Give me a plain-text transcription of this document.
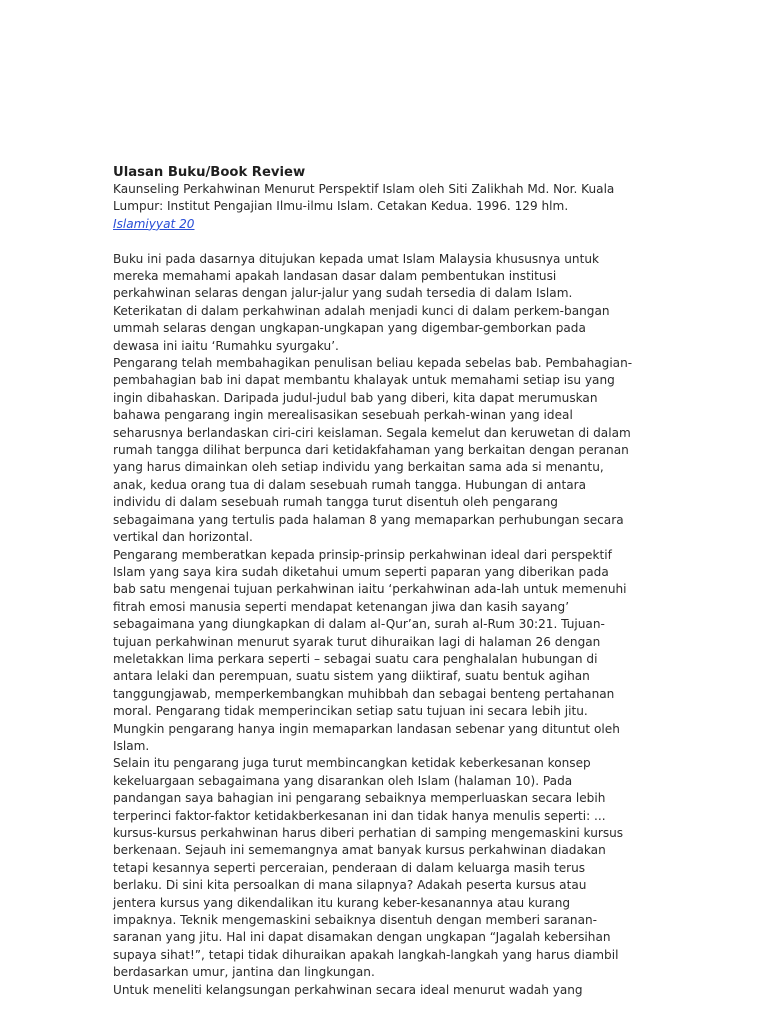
Ulasan Buku/Book Review

Kaunseling Perkahwinan Menurut Perspektif Islam oleh Siti Zalikhah Md. Nor. Kuala

Lumpur: Institut Pengajian Ilmu-ilmu Islam. Cetakan Kedua. 1996. 129 hlm.

Islamiyyat 20

Buku ini pada dasarnya ditujukan kepada umat Islam Malaysia khususnya untuk

mereka memahami apakah landasan dasar dalam pembentukan institusi

perkahwinan selaras dengan jalur-jalur yang sudah tersedia di dalam Islam.

Keterikatan di dalam perkahwinan adalah menjadi kunci di dalam perkem-bangan

ummah selaras dengan ungkapan-ungkapan yang digembar-gemborkan pada

dewasa ini iaitu ‘Rumahku syurgaku’.

Pengarang telah membahagikan penulisan beliau kepada sebelas bab. Pembahagian-

pembahagian bab ini dapat membantu khalayak untuk memahami setiap isu yang

ingin dibahaskan. Daripada judul-judul bab yang diberi, kita dapat merumuskan

bahawa pengarang ingin merealisasikan sesebuah perkah-winan yang ideal

seharusnya berlandaskan ciri-ciri keislaman. Segala kemelut dan keruwetan di dalam

rumah tangga dilihat berpunca dari ketidakfahaman yang berkaitan dengan peranan

yang harus dimainkan oleh setiap individu yang berkaitan sama ada si menantu,

anak, kedua orang tua di dalam sesebuah rumah tangga. Hubungan di antara

individu di dalam sesebuah rumah tangga turut disentuh oleh pengarang

sebagaimana yang tertulis pada halaman 8 yang memaparkan perhubungan secara

vertikal dan horizontal.

Pengarang memberatkan kepada prinsip-prinsip perkahwinan ideal dari perspektif

Islam yang saya kira sudah diketahui umum seperti paparan yang diberikan pada

bab satu mengenai tujuan perkahwinan iaitu ‘perkahwinan ada-lah untuk memenuhi

fitrah emosi manusia seperti mendapat ketenangan jiwa dan kasih sayang’

sebagaimana yang diungkapkan di dalam al-Qur’an, surah al-Rum 30:21. Tujuan-

tujuan perkahwinan menurut syarak turut dihuraikan lagi di halaman 26 dengan

meletakkan lima perkara seperti – sebagai suatu cara penghalalan hubungan di

antara lelaki dan perempuan, suatu sistem yang diiktiraf, suatu bentuk agihan

tanggungjawab, memperkembangkan muhibbah dan sebagai benteng pertahanan

moral. Pengarang tidak memperincikan setiap satu tujuan ini secara lebih jitu.

Mungkin pengarang hanya ingin memaparkan landasan sebenar yang dituntut oleh

Islam.

Selain itu pengarang juga turut membincangkan ketidak keberkesanan konsep

kekeluargaan sebagaimana yang disarankan oleh Islam (halaman 10). Pada

pandangan saya bahagian ini pengarang sebaiknya memperluaskan secara lebih

terperinci faktor-faktor ketidakberkesanan ini dan tidak hanya menulis seperti: ...

kursus-kursus perkahwinan harus diberi perhatian di samping mengemaskini kursus

berkenaan. Sejauh ini sememangnya amat banyak kursus perkahwinan diadakan

tetapi kesannya seperti perceraian, penderaan di dalam keluarga masih terus

berlaku. Di sini kita persoalkan di mana silapnya? Adakah peserta kursus atau

jentera kursus yang dikendalikan itu kurang keber-kesanannya atau kurang

impaknya. Teknik mengemaskini sebaiknya disentuh dengan memberi saranan-

saranan yang jitu. Hal ini dapat disamakan dengan ungkapan “Jagalah kebersihan

supaya sihat!”, tetapi tidak dihuraikan apakah langkah-langkah yang harus diambil

berdasarkan umur, jantina dan lingkungan.

Untuk meneliti kelangsungan perkahwinan secara ideal menurut wadah yang
